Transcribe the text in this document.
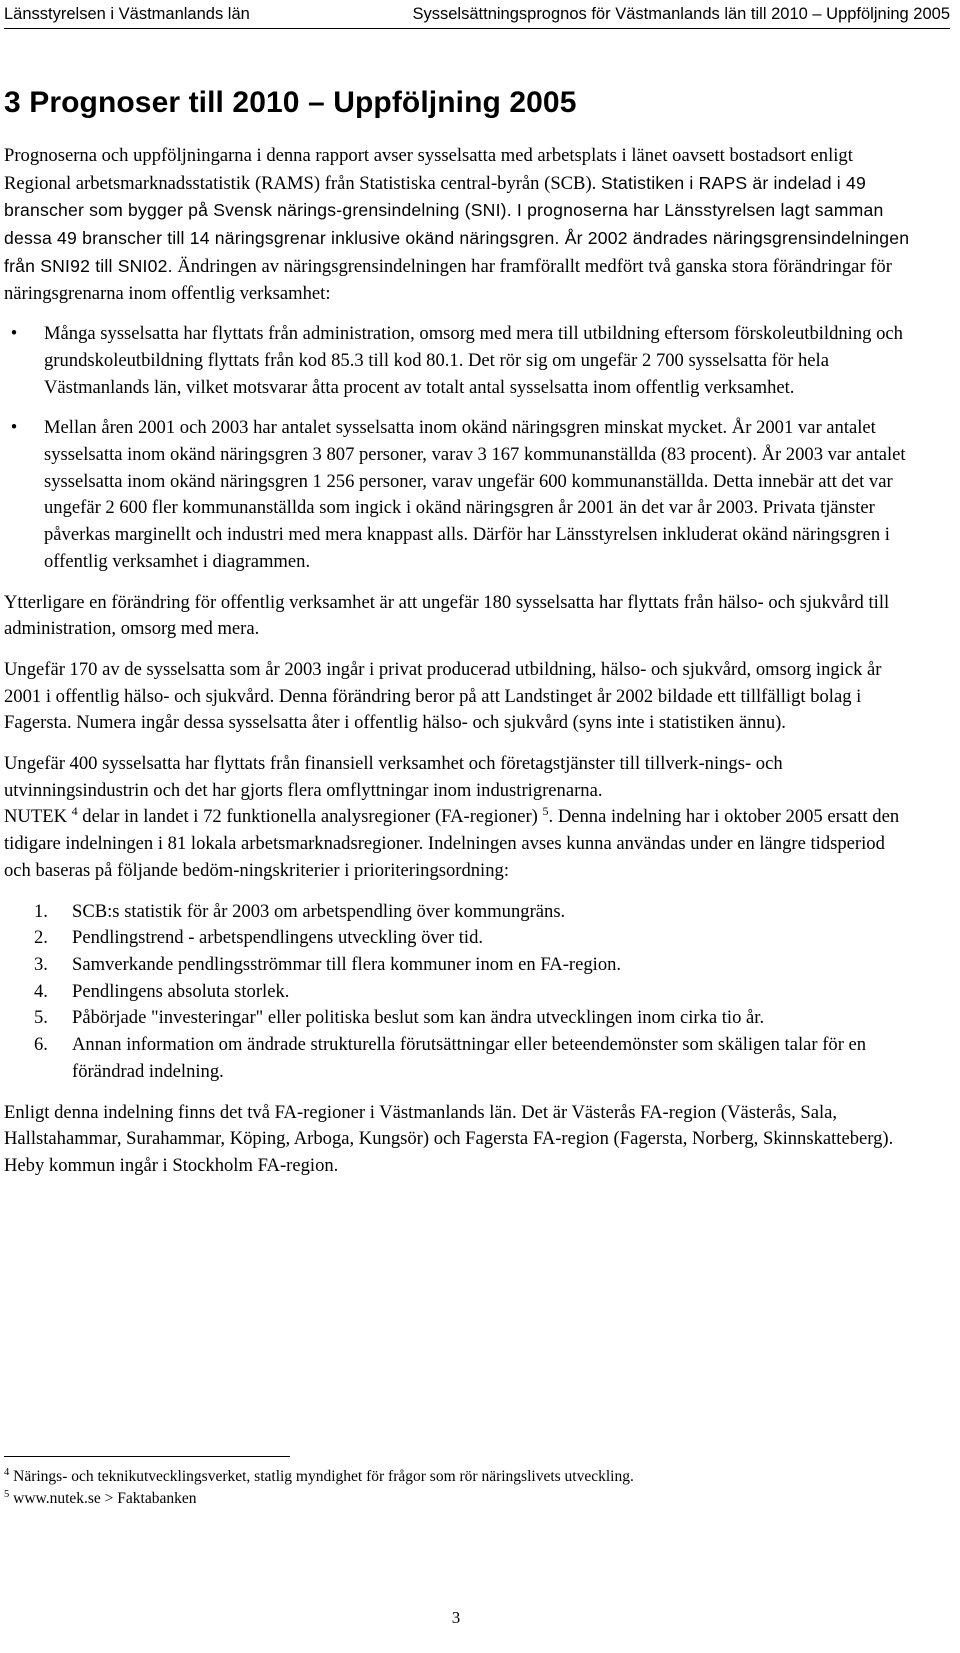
Länsstyrelsen i Västmanlands län	Sysselsättningsprognos för Västmanlands län till 2010 – Uppföljning 2005
3 Prognoser till 2010 – Uppföljning 2005

Prognoserna och uppföljningarna i denna rapport avser sysselsatta med arbetsplats i länet oavsett bostadsort enligt Regional arbetsmarknadsstatistik (RAMS) från Statistiska central-byrån (SCB). Statistiken i RAPS är indelad i 49 branscher som bygger på Svensk närings-grensindelning (SNI). I prognoserna har Länsstyrelsen lagt samman dessa 49 branscher till 14 näringsgrenar inklusive okänd näringsgren. År 2002 ändrades näringsgrensindelningen från SNI92 till SNI02. Ändringen av näringsgrensindelningen har framförallt medfört två ganska stora förändringar för näringsgrenarna inom offentlig verksamhet:

•	Många sysselsatta har flyttats från administration, omsorg med mera till utbildning eftersom förskoleutbildning och grundskoleutbildning flyttats från kod 85.3 till kod 80.1. Det rör sig om ungefär 2 700 sysselsatta för hela Västmanlands län, vilket motsvarar åtta procent av totalt antal sysselsatta inom offentlig verksamhet.
•	Mellan åren 2001 och 2003 har antalet sysselsatta inom okänd näringsgren minskat mycket. År 2001 var antalet sysselsatta inom okänd näringsgren 3 807 personer, varav 3 167 kommunanställda (83 procent). År 2003 var antalet sysselsatta inom okänd näringsgren 1 256 personer, varav ungefär 600 kommunanställda. Detta innebär att det var ungefär 2 600 fler kommunanställda som ingick i okänd näringsgren år 2001 än det var år 2003. Privata tjänster påverkas marginellt och industri med mera knappast alls. Därför har Länsstyrelsen inkluderat okänd näringsgren i offentlig verksamhet i diagrammen.

Ytterligare en förändring för offentlig verksamhet är att ungefär 180 sysselsatta har flyttats från hälso- och sjukvård till administration, omsorg med mera.

Ungefär 170 av de sysselsatta som år 2003 ingår i privat producerad utbildning, hälso- och sjukvård, omsorg ingick år 2001 i offentlig hälso- och sjukvård. Denna förändring beror på att Landstinget år 2002 bildade ett tillfälligt bolag i Fagersta. Numera ingår dessa sysselsatta åter i offentlig hälso- och sjukvård (syns inte i statistiken ännu).

Ungefär 400 sysselsatta har flyttats från finansiell verksamhet och företagstjänster till tillverk-nings- och utvinningsindustrin och det har gjorts flera omflyttningar inom industrigrenarna.

NUTEK $^4$ delar in landet i 72 funktionella analysregioner (FA-regioner) $^5$. Denna indelning har i oktober 2005 ersatt den tidigare indelningen i 81 lokala arbetsmarknadsregioner. Indelningen avses kunna användas under en längre tidsperiod och baseras på följande bedöm-ningskriterier i prioriteringsordning:

1.	SCB:s statistik för år 2003 om arbetspendling över kommungräns.
2.	Pendlingstrend - arbetspendlingens utveckling över tid.
3.	Samverkande pendlingsströmmar till flera kommuner inom en FA-region.
4.	Pendlingens absoluta storlek.
5.	Påbörjade "investeringar" eller politiska beslut som kan ändra utvecklingen inom cirka tio år.
6.	Annan information om ändrade strukturella förutsättningar eller beteendemönster som skäligen talar för en förändrad indelning.

Enligt denna indelning finns det två FA-regioner i Västmanlands län. Det är Västerås FA-region (Västerås, Sala, Hallstahammar, Surahammar, Köping, Arboga, Kungsör) och Fagersta FA-region (Fagersta, Norberg, Skinnskatteberg). Heby kommun ingår i Stockholm FA-region.

$^4$ Närings- och teknikutvecklingsverket, statlig myndighet för frågor som rör näringslivets utveckling.

$^5$ www.nutek.se > Faktabanken

3
